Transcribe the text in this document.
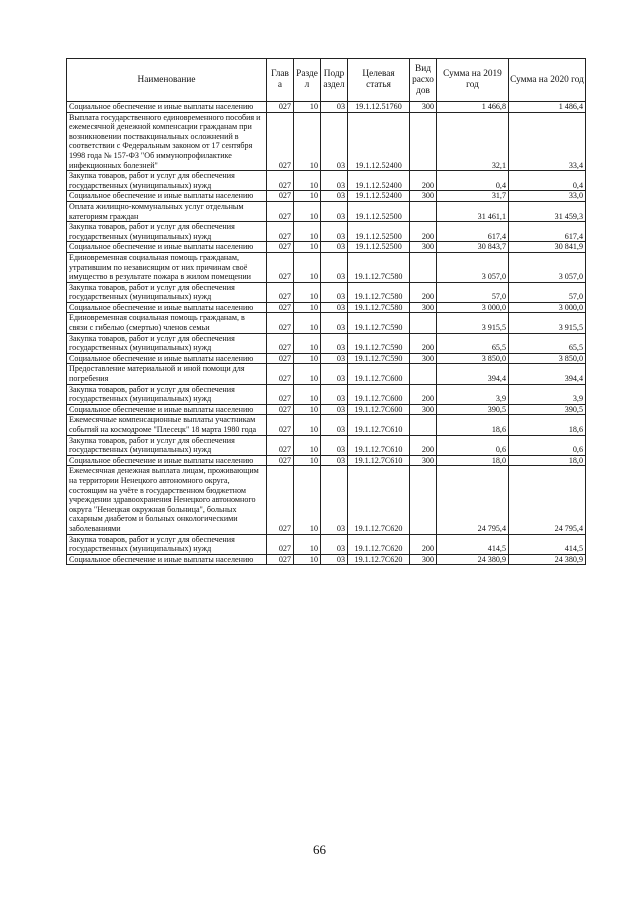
Наименование	Глав а	Разде л	Подр аздел	Целевая статья	Вид расхо дов	Сумма на 2019 год	Сумма на 2020 год
Социальное обеспечение и иные выплаты населению	027	10	03	19.1.12.51760	300	1 466,8	1 486,4
Выплата государственного единовременного пособия и ежемесячной денежной компенсации гражданам при возникновении поствакцинальных осложнений в соответствии с Федеральным законом от 17 сентября 1998 года № 157-ФЗ "Об иммунопрофилактике инфекционных болезней"	027	10	03	19.1.12.52400		32,1	33,4
Закупка товаров, работ и услуг для обеспечения государственных (муниципальных) нужд	027	10	03	19.1.12.52400	200	0,4	0,4
Социальное обеспечение и иные выплаты населению	027	10	03	19.1.12.52400	300	31,7	33,0
Оплата жилищно-коммунальных услуг отдельным категориям граждан	027	10	03	19.1.12.52500		31 461,1	31 459,3
Закупка товаров, работ и услуг для обеспечения государственных (муниципальных) нужд	027	10	03	19.1.12.52500	200	617,4	617,4
Социальное обеспечение и иные выплаты населению	027	10	03	19.1.12.52500	300	30 843,7	30 841,9
Единовременная социальная помощь гражданам, утратившим по независящим от них причинам своё имущество в результате пожара в жилом помещении	027	10	03	19.1.12.7С580		3 057,0	3 057,0
Закупка товаров, работ и услуг для обеспечения государственных (муниципальных) нужд	027	10	03	19.1.12.7С580	200	57,0	57,0
Социальное обеспечение и иные выплаты населению	027	10	03	19.1.12.7С580	300	3 000,0	3 000,0
Единовременная социальная помощь гражданам, в связи с гибелью (смертью) членов семьи	027	10	03	19.1.12.7С590		3 915,5	3 915,5
Закупка товаров, работ и услуг для обеспечения государственных (муниципальных) нужд	027	10	03	19.1.12.7С590	200	65,5	65,5
Социальное обеспечение и иные выплаты населению	027	10	03	19.1.12.7С590	300	3 850,0	3 850,0
Предоставление материальной и иной помощи для погребения	027	10	03	19.1.12.7С600		394,4	394,4
Закупка товаров, работ и услуг для обеспечения государственных (муниципальных) нужд	027	10	03	19.1.12.7С600	200	3,9	3,9
Социальное обеспечение и иные выплаты населению	027	10	03	19.1.12.7С600	300	390,5	390,5
Ежемесячные компенсационные выплаты участникам событий на космодроме "Плесецк" 18 марта 1980 года	027	10	03	19.1.12.7С610		18,6	18,6
Закупка товаров, работ и услуг для обеспечения государственных (муниципальных) нужд	027	10	03	19.1.12.7С610	200	0,6	0,6
Социальное обеспечение и иные выплаты населению	027	10	03	19.1.12.7С610	300	18,0	18,0
Ежемесячная денежная выплата лицам, проживающим на территории Ненецкого автономного округа, состоящим на учёте в государственном бюджетном учреждении здравоохранения Ненецкого автономного округа "Ненецкая окружная больница", больных сахарным диабетом и больных онкологическими заболеваниями	027	10	03	19.1.12.7С620		24 795,4	24 795,4
Закупка товаров, работ и услуг для обеспечения государственных (муниципальных) нужд	027	10	03	19.1.12.7С620	200	414,5	414,5
Социальное обеспечение и иные выплаты населению	027	10	03	19.1.12.7С620	300	24 380,9	24 380,9
66
